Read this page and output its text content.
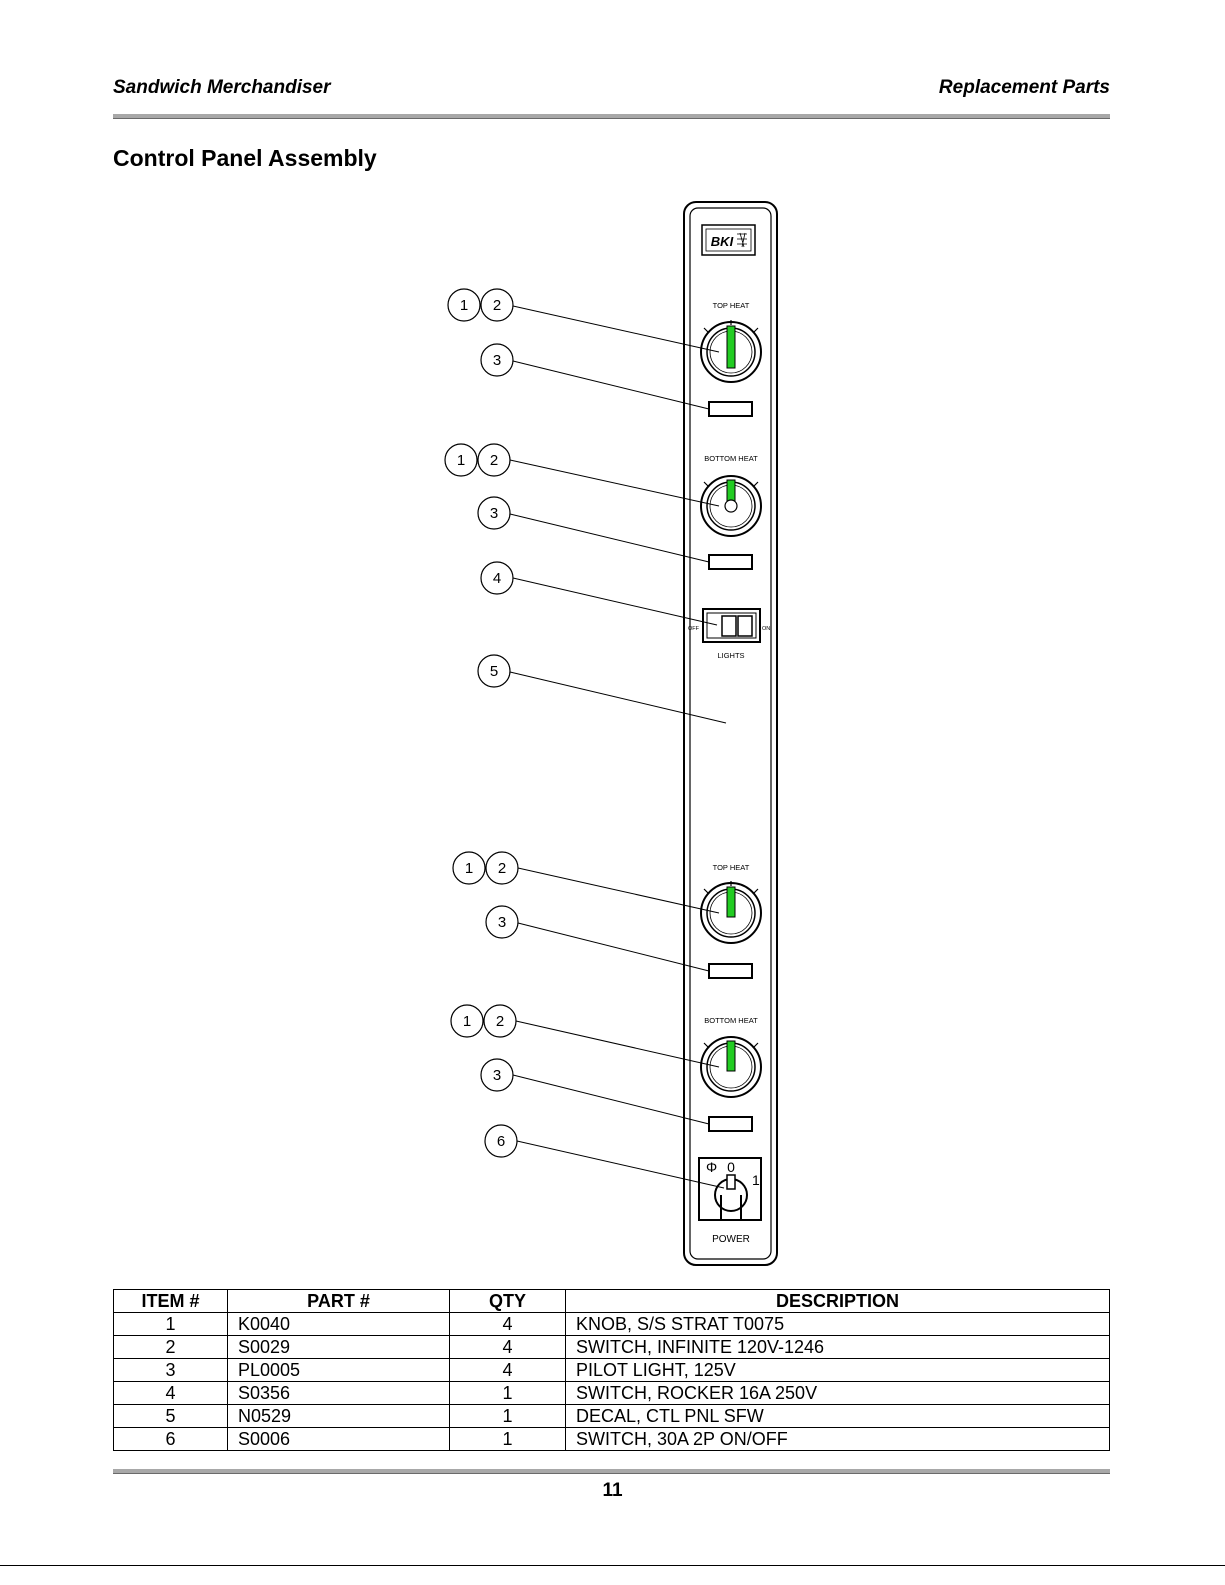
Sandwich Merchandiser	Replacement Parts
Control Panel Assembly
BKI
TOP HEAT
BOTTOM HEAT
OFF	ON
LIGHTS
TOP HEAT
BOTTOM HEAT
Φ 0
1
POWER
1 2
3
1 2
3
4
5
1 2
3
1 2
3
6
ITEM #	PART #	QTY	DESCRIPTION
1	K0040	4	KNOB, S/S STRAT T0075
2	S0029	4	SWITCH, INFINITE 120V-1246
3	PL0005	4	PILOT LIGHT, 125V
4	S0356	1	SWITCH, ROCKER 16A 250V
5	N0529	1	DECAL, CTL PNL SFW
6	S0006	1	SWITCH, 30A 2P ON/OFF
11
